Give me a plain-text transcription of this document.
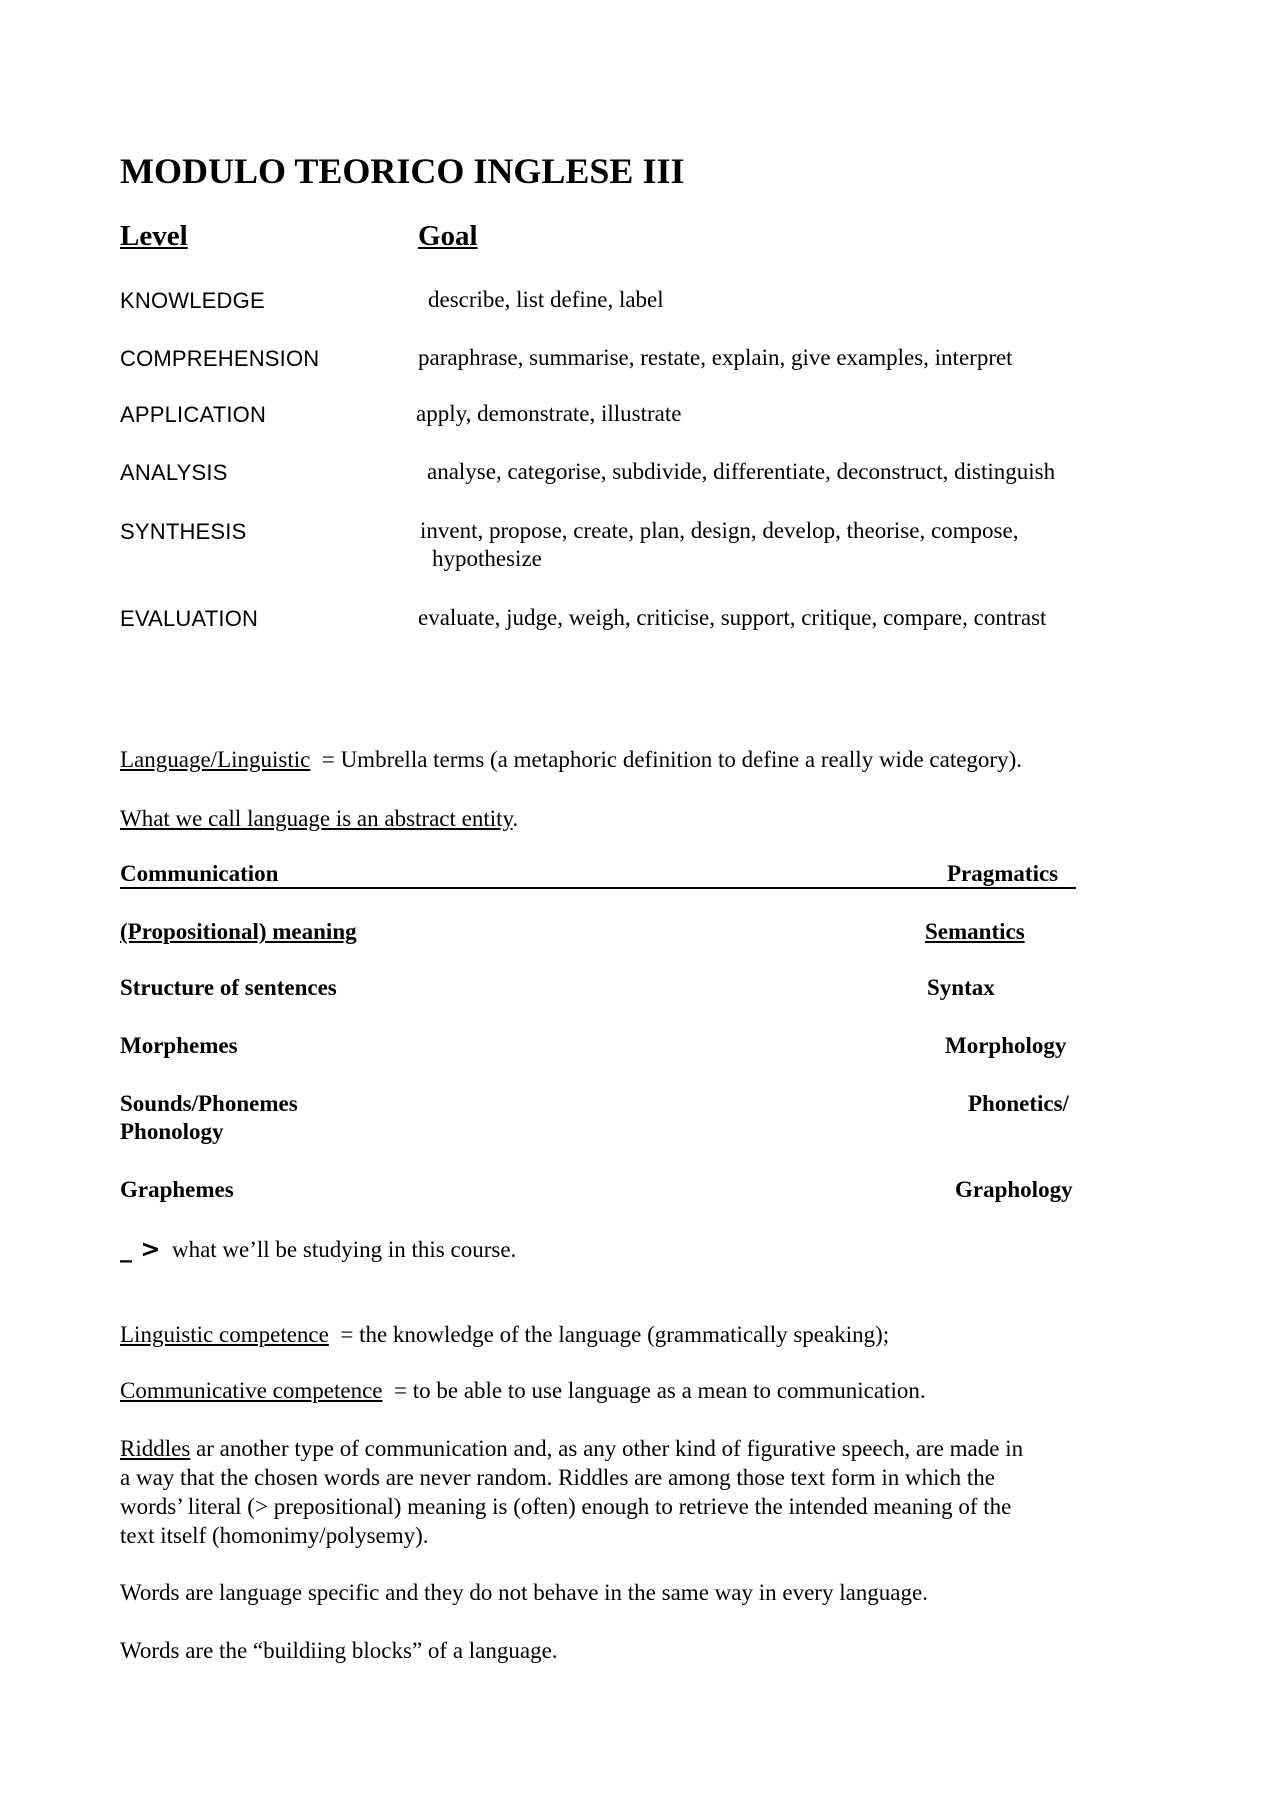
MODULO TEORICO INGLESE III
Level	Goal
KNOWLEDGE	describe, list define, label
COMPREHENSION	paraphrase, summarise, restate, explain, give examples, interpret
APPLICATION	apply, demonstrate, illustrate
ANALYSIS	analyse, categorise, subdivide, differentiate, deconstruct, distinguish
SYNTHESIS	invent, propose, create, plan, design, develop, theorise, compose,
hypothesize
EVALUATION	evaluate, judge, weigh, criticise, support, critique, compare, contrast
Language/Linguistic = Umbrella terms (a metaphoric definition to define a really wide category).
What we call language is an abstract entity.
Communication	Pragmatics
(Propositional) meaning	Semantics
Structure of sentences	Syntax
Morphemes	Morphology
Sounds/Phonemes	Phonetics/
Phonology
Graphemes	Graphology
_ > what we’ll be studying in this course.
Linguistic competence = the knowledge of the language (grammatically speaking);
Communicative competence = to be able to use language as a mean to communication.
Riddles ar another type of communication and, as any other kind of figurative speech, are made in
a way that the chosen words are never random. Riddles are among those text form in which the
words’ literal (> prepositional) meaning is (often) enough to retrieve the intended meaning of the
text itself (homonimy/polysemy).
Words are language specific and they do not behave in the same way in every language.
Words are the “buildiing blocks” of a language.
